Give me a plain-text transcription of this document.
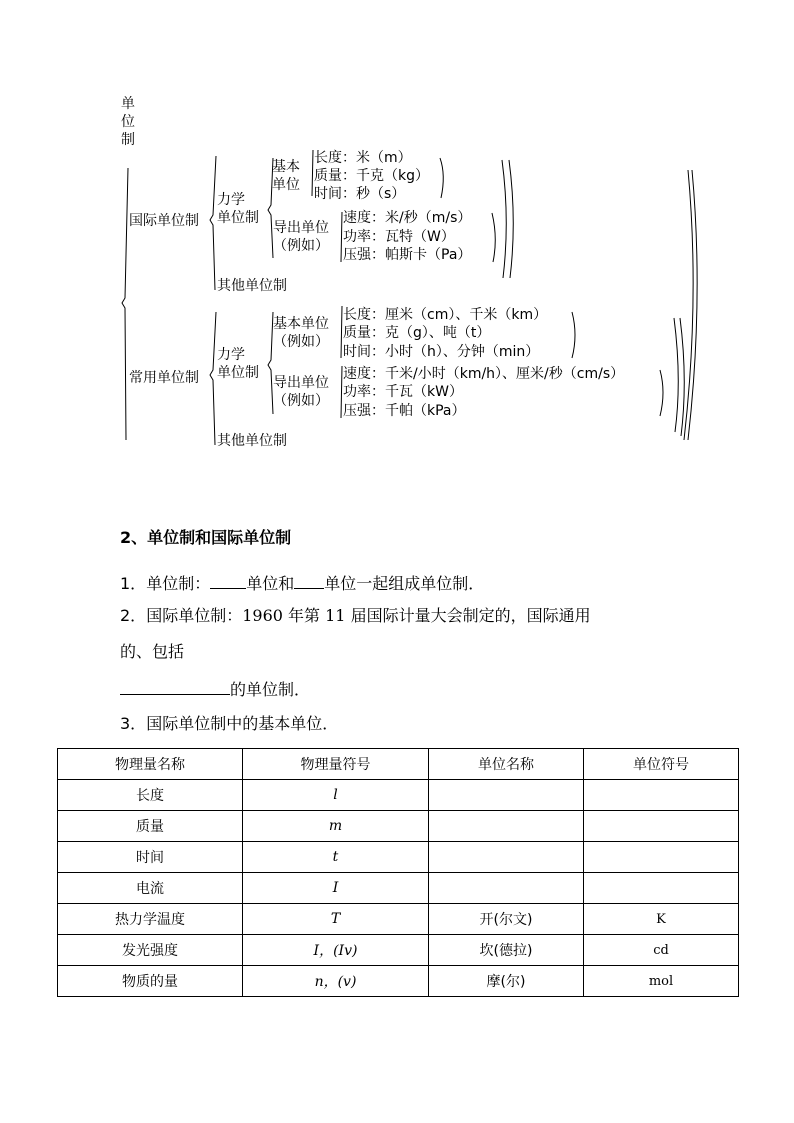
单
位
制
国际单位制
力学
单位制
基本
单位
长度：米（m）
质量：千克（kg）
时间：秒（s）
导出单位
（例如）
速度：米/秒（m/s）
功率：瓦特（W）
压强：帕斯卡（Pa）
其他单位制
常用单位制
力学
单位制
基本单位
（例如）
长度：厘米（cm）、千米（km）
质量：克（g）、吨（t）
时间：小时（h）、分钟（min）
导出单位
（例如）
速度：千米/小时（km/h）、厘米/秒（cm/s）
功率：千瓦（kW）
压强：千帕（kPa）
其他单位制
2、单位制和国际单位制
1．单位制： 单位和 单位一起组成单位制．
2．国际单位制：1960 年第 11 届国际计量大会制定的，国际通用
的、包括
的单位制．
3．国际单位制中的基本单位．
物理量名称	物理量符号	单位名称	单位符号
长度	l		
质量	m		
时间	t		
电流	I		
热力学温度	T	开(尔文)	K
发光强度	I，(Iv)	坎(德拉)	cd
物质的量	n，(v)	摩(尔)	mol
